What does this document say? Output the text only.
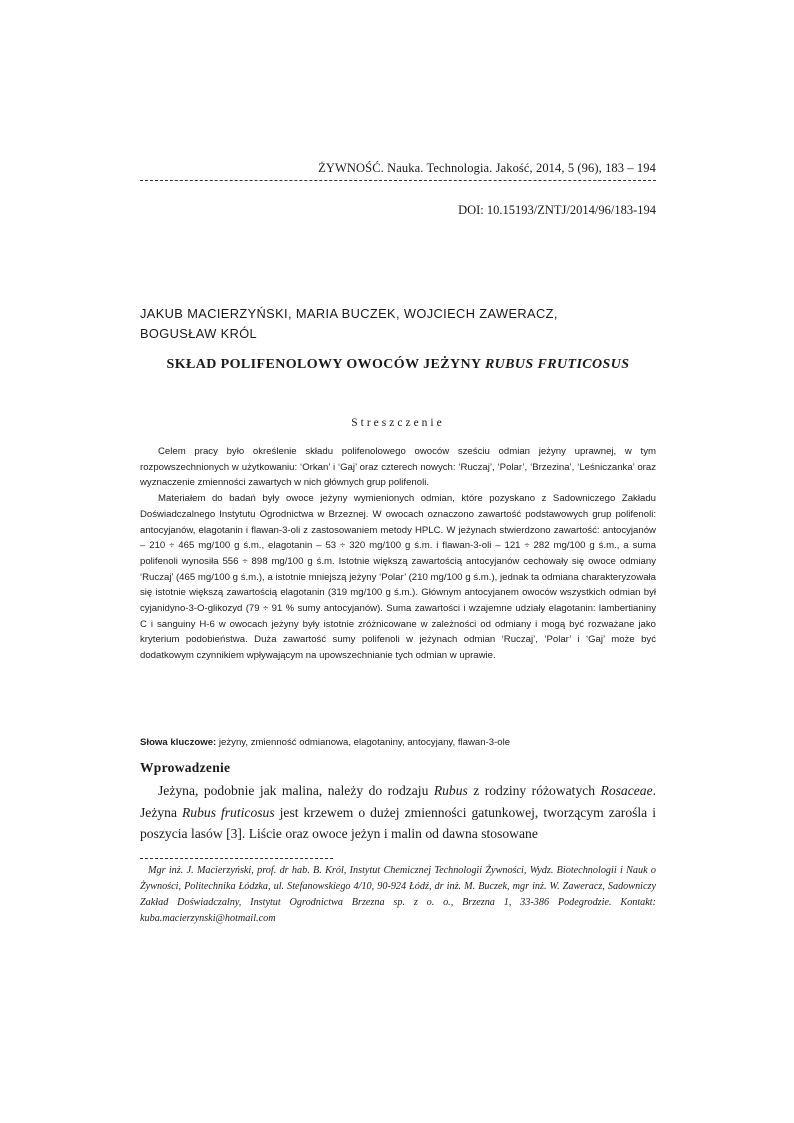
ŻYWNOŚĆ. Nauka. Technologia. Jakość, 2014, 5 (96), 183 – 194
DOI: 10.15193/ZNTJ/2014/96/183-194
JAKUB MACIERZYŃSKI, MARIA BUCZEK, WOJCIECH ZAWERACZ,
BOGUSŁAW KRÓL
SKŁAD POLIFENOLOWY OWOCÓW JEŻYNY RUBUS FRUTICOSUS
Streszczenie

Celem pracy było określenie składu polifenolowego owoców sześciu odmian jeżyny uprawnej, w tym rozpowszechnionych w użytkowaniu: ‘Orkan’ i ‘Gaj’ oraz czterech nowych: ‘Ruczaj’, ‘Polar’, ‘Brzezina’, ‘Leśniczanka’ oraz wyznaczenie zmienności zawartych w nich głównych grup polifenoli.

Materiałem do badań były owoce jeżyny wymienionych odmian, które pozyskano z Sadowniczego Zakładu Doświadczalnego Instytutu Ogrodnictwa w Brzeznej. W owocach oznaczono zawartość podstawowych grup polifenoli: antocyjanów, elagotanin i flawan-3-oli z zastosowaniem metody HPLC. W jeżynach stwierdzono zawartość: antocyjanów – 210 ÷ 465 mg/100 g ś.m., elagotanin – 53 ÷ 320 mg/100 g ś.m. i flawan-3-oli – 121 ÷ 282 mg/100 g ś.m., a suma polifenoli wynosiła 556 ÷ 898 mg/100 g ś.m. Istotnie większą zawartością antocyjanów cechowały się owoce odmiany ‘Ruczaj’ (465 mg/100 g ś.m.), a istotnie mniejszą jeżyny ‘Polar’ (210 mg/100 g ś.m.), jednak ta odmiana charakteryzowała się istotnie większą zawartością elagotanin (319 mg/100 g ś.m.). Głównym antocyjanem owoców wszystkich odmian był cyjanidyno-3-O-glikozyd (79 ÷ 91 % sumy antocyjanów). Suma zawartości i wzajemne udziały elagotanin: lambertianiny C i sanguiny H-6 w owocach jeżyny były istotnie zróżnicowane w zależności od odmiany i mogą być rozważane jako kryterium podobieństwa. Duża zawartość sumy polifenoli w jeżynach odmian ‘Ruczaj’, ‘Polar’ i ‘Gaj’ może być dodatkowym czynnikiem wpływającym na upowszechnianie tych odmian w uprawie.

Słowa kluczowe: jeżyny, zmienność odmianowa, elagotaniny, antocyjany, flawan-3-ole
Wprowadzenie

Jeżyna, podobnie jak malina, należy do rodzaju Rubus z rodziny różowatych Rosaceae. Jeżyna Rubus fruticosus jest krzewem o dużej zmienności gatunkowej, tworzącym zarośla i poszycia lasów [3]. Liście oraz owoce jeżyn i malin od dawna stosowane

Mgr inż. J. Macierzyński, prof. dr hab. B. Król, Instytut Chemicznej Technologii Żywności, Wydz. Biotechnologii i Nauk o Żywności, Politechnika Łódzka, ul. Stefanowskiego 4/10, 90-924 Łódź, dr inż. M. Buczek, mgr inż. W. Zaweracz, Sadowniczy Zakład Doświadczalny, Instytut Ogrodnictwa Brzezna sp. z o. o., Brzezna 1, 33-386 Podegrodzie. Kontakt: kuba.macierzynski@hotmail.com
